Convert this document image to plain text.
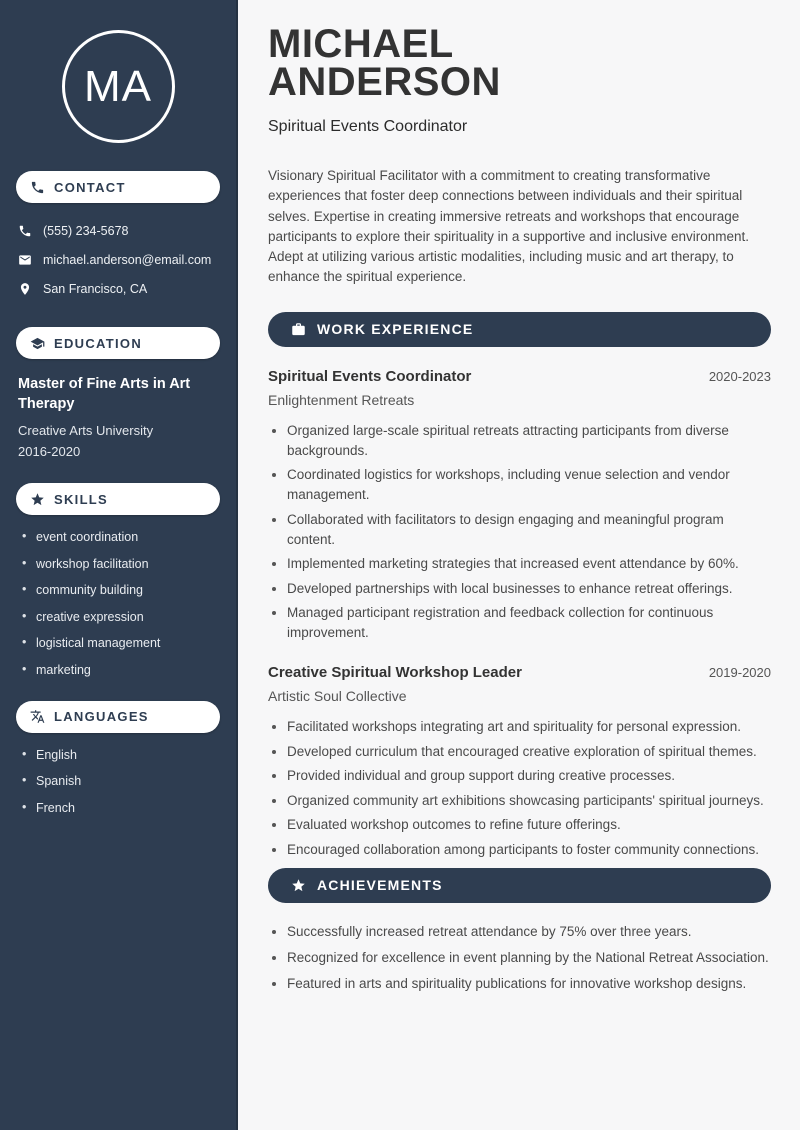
MA
CONTACT
(555) 234-5678
michael.anderson@email.com
San Francisco, CA
EDUCATION
Master of Fine Arts in Art Therapy
Creative Arts University
2016-2020
SKILLS
• event coordination
• workshop facilitation
• community building
• creative expression
• logistical management
• marketing
LANGUAGES
• English
• Spanish
• French
MICHAEL
ANDERSON
Spiritual Events Coordinator

Visionary Spiritual Facilitator with a commitment to creating transformative experiences that foster deep connections between individuals and their spiritual selves. Expertise in creating immersive retreats and workshops that encourage participants to explore their spirituality in a supportive and inclusive environment. Adept at utilizing various artistic modalities, including music and art therapy, to enhance the spiritual experience.

WORK EXPERIENCE
Spiritual Events Coordinator	2020-2023
Enlightenment Retreats
• Organized large-scale spiritual retreats attracting participants from diverse backgrounds.
• Coordinated logistics for workshops, including venue selection and vendor management.
• Collaborated with facilitators to design engaging and meaningful program content.
• Implemented marketing strategies that increased event attendance by 60%.
• Developed partnerships with local businesses to enhance retreat offerings.
• Managed participant registration and feedback collection for continuous improvement.
Creative Spiritual Workshop Leader	2019-2020
Artistic Soul Collective
• Facilitated workshops integrating art and spirituality for personal expression.
• Developed curriculum that encouraged creative exploration of spiritual themes.
• Provided individual and group support during creative processes.
• Organized community art exhibitions showcasing participants' spiritual journeys.
• Evaluated workshop outcomes to refine future offerings.
• Encouraged collaboration among participants to foster community connections.
ACHIEVEMENTS
• Successfully increased retreat attendance by 75% over three years.
• Recognized for excellence in event planning by the National Retreat Association.
• Featured in arts and spirituality publications for innovative workshop designs.
